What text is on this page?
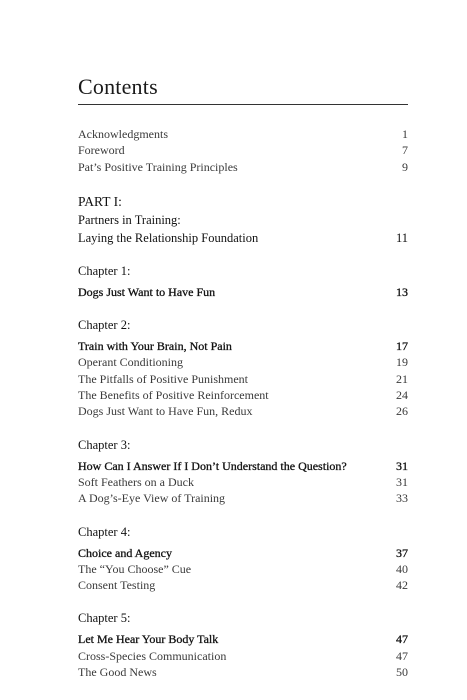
Contents
Acknowledgments	1
Foreword	7
Pat’s Positive Training Principles	9
PART I:
Partners in Training:
Laying the Relationship Foundation	11
Chapter 1:
Dogs Just Want to Have Fun	13
Chapter 2:
Train with Your Brain, Not Pain	17
Operant Conditioning	19
The Pitfalls of Positive Punishment	21
The Benefits of Positive Reinforcement	24
Dogs Just Want to Have Fun, Redux	26
Chapter 3:
How Can I Answer If I Don’t Understand the Question?	31
Soft Feathers on a Duck	31
A Dog’s-Eye View of Training	33
Chapter 4:
Choice and Agency	37
The “You Choose” Cue	40
Consent Testing	42
Chapter 5:
Let Me Hear Your Body Talk	47
Cross-Species Communication	47
The Good News	50
